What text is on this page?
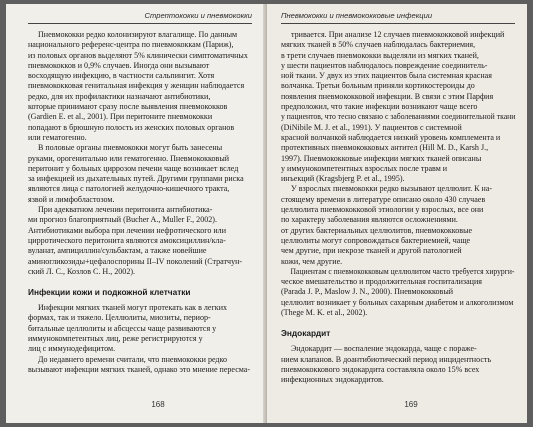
Стрептококки и пневмококки
Пневмококки редко колонизируют влагалище. По данным
национального референс-центра по пневмококкам (Париж),
из половых органов выделяют 5% клинически симптоматичных
пневмококков и 0,9% случаев. Иногда они вызывают
восходящую инфекцию, в частности сальпингит. Хотя
пневмококковая генитальная инфекция у женщин наблюдается
редко, для их профилактики назначают антибиотики,
которые принимают сразу после выявления пневмококков
(Gardien E. et al., 2001). При перитоните пневмококки
попадают в брюшную полость из женских половых органов
или гематогенно.
В половые органы пневмококки могут быть занесены
руками, орогенитально или гематогенно. Пневмококковый
перитонит у больных циррозом печени чаще возникает вслед
за инфекцией из дыхательных путей. Другими группами риска
являются лица с патологией желудочно-кишечного тракта,
язвой и лимфобластозом.
При адекватном лечении перитонита антибиотика-
ми прогноз благоприятный (Bucher A., Muller F., 2002).
Антибиотиками выбора при лечении нефротического или
цирротического перитонита являются амоксициллин/кла-
вуланат, ампициллин/сульбактам, а также новейшие
аминогликозиды+цефалоспорины II–IV поколений (Стратчун-
ский Л. С., Козлов С. Н., 2002).
Инфекции кожи и подкожной клетчатки
Инфекции мягких тканей могут протекать как в легких
формах, так и тяжело. Целлюлиты, миозиты, периор-
битальные целлюлиты и абсцессы чаще развиваются у
иммунокомпетентных лиц, реже регистрируются у
лиц с иммунодефицитом.
До недавнего времени считали, что пневмококки редко
вызывают инфекции мягких тканей, однако это мнение пересма-
168
Пневмококки и пневмококковые инфекции
тривается. При анализе 12 случаев пневмококковой инфекций
мягких тканей в 50% случаев наблюдалась бактериемия,
в трети случаев пневмококки выделяли из мягких тканей,
у шести пациентов наблюдалось повреждение соединитель-
ной ткани. У двух из этих пациентов была системная красная
волчанка. Третьи больным приняли кортикостероиды до
появления пневмококковой инфекции. В связи с этим Парфия
предположил, что такие инфекции возникают чаще всего
у пациентов, что тесно связано с заболеваниями соединительной ткани
(DiNibile M. J. et al., 1991). У пациентов с системной
красной волчанкой наблюдается низкий уровень комплемента и
протективных пневмококковых антител (Hill M. D., Karsh J.,
1997). Пневмококковые инфекции мягких тканей описаны
у иммунокомпетентных взрослых после травм и
инъекций (Kragsbjerg P. et al., 1995).
У взрослых пневмококки редко вызывают целлюлит. К на-
стоящему времени в литературе описано около 430 случаев
целлюлита пневмококковой этиологии у взрослых, все они
по характеру заболевания являются осложнениями.
от других бактериальных целлюлитов, пневмококковые
целлюлиты могут сопровождаться бактериемией, чаще
чем другие, при некрозе тканей и другой патологией
кожи, чем другие.
Пациентам с пневмококковым целлюлитом часто требуется хирурги-
ческое вмешательство и продолжительная госпитализация
(Parada J. P., Maslow J. N., 2000). Пневмококковый
целлюлит возникает у больных сахарным диабетом и алкоголизмом
(Thege M. K. et al., 2002).
Эндокардит
Эндокардит — воспаление эндокарда, чаще с пораже-
нием клапанов. В доантибиотический период инцидентность
пневмококкового эндокардита составляла около 15% всех
инфекционных эндокардитов.
169
